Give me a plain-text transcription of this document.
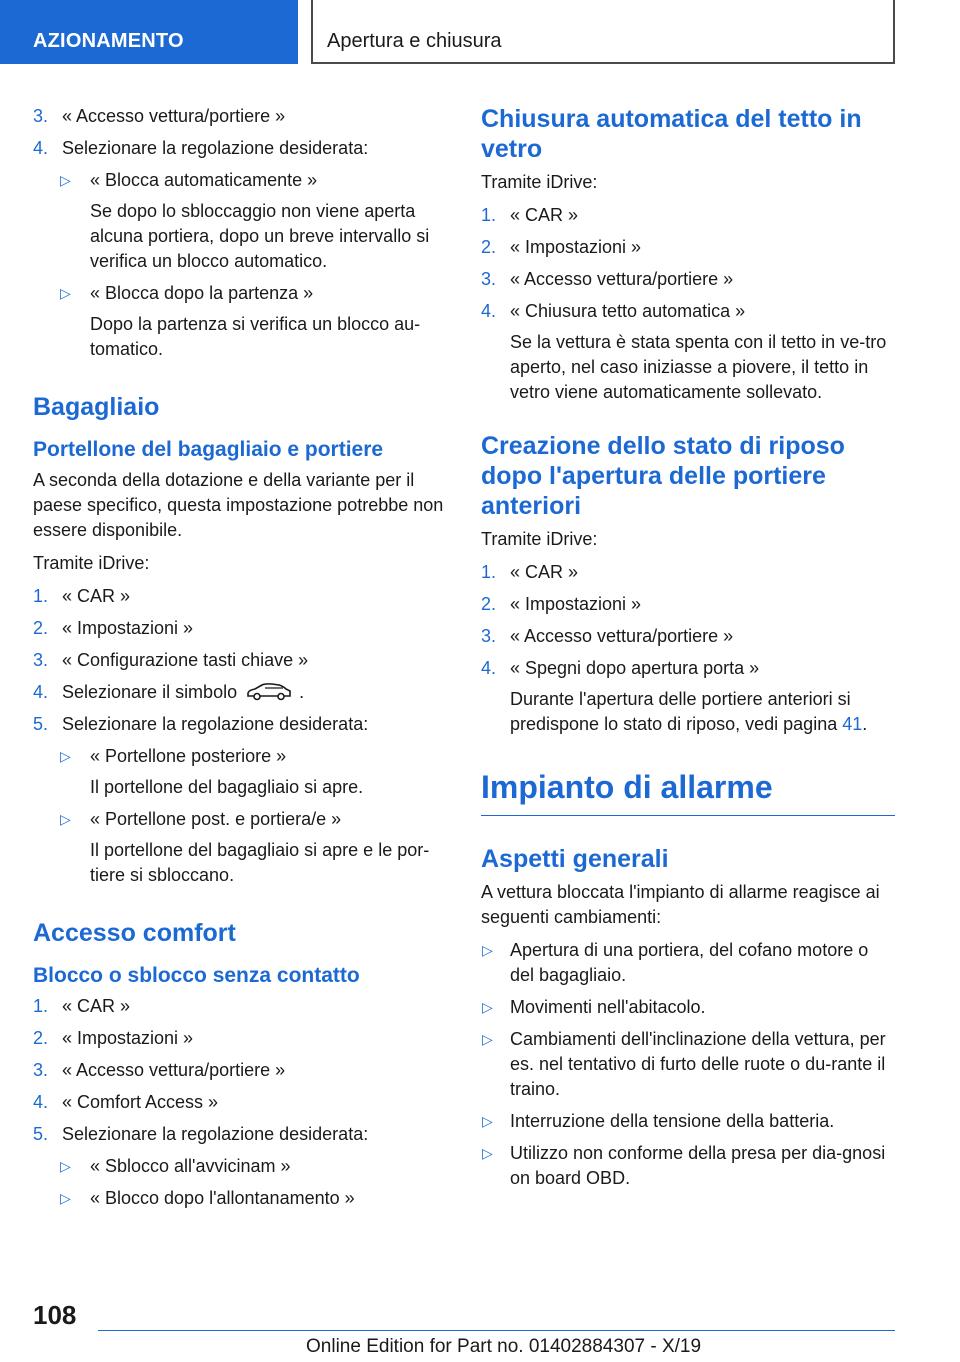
AZIONAMENTO	Apertura e chiusura
3. « Accesso vettura/portiere »
4. Selezionare la regolazione desiderata:
▷ « Blocca automaticamente »
Se dopo lo sbloccaggio non viene aperta alcuna portiera, dopo un breve intervallo si verifica un blocco automatico.
▷ « Blocca dopo la partenza »
Dopo la partenza si verifica un blocco au-tomatico.
Bagagliaio
Portellone del bagagliaio e portiere
A seconda della dotazione e della variante per il paese specifico, questa impostazione potrebbe non essere disponibile.
Tramite iDrive:
1. « CAR »
2. « Impostazioni »
3. « Configurazione tasti chiave »
4. Selezionare il simbolo	.
5. Selezionare la regolazione desiderata:
▷ « Portellone posteriore »
Il portellone del bagagliaio si apre.
▷ « Portellone post. e portiera/e »
Il portellone del bagagliaio si apre e le por-tiere si sbloccano.
Accesso comfort
Blocco o sblocco senza contatto
1. « CAR »
2. « Impostazioni »
3. « Accesso vettura/portiere »
4. « Comfort Access »
5. Selezionare la regolazione desiderata:
▷ « Sblocco all'avvicinam »
▷ « Blocco dopo l'allontanamento »
Chiusura automatica del tetto in vetro
Tramite iDrive:
1. « CAR »
2. « Impostazioni »
3. « Accesso vettura/portiere »
4. « Chiusura tetto automatica »
Se la vettura è stata spenta con il tetto in ve-tro aperto, nel caso iniziasse a piovere, il tetto in vetro viene automaticamente sollevato.
Creazione dello stato di riposo dopo l'apertura delle portiere anteriori
Tramite iDrive:
1. « CAR »
2. « Impostazioni »
3. « Accesso vettura/portiere »
4. « Spegni dopo apertura porta »
Durante l'apertura delle portiere anteriori si predispone lo stato di riposo, vedi pagina 41.
Impianto di allarme
Aspetti generali
A vettura bloccata l'impianto di allarme reagisce ai seguenti cambiamenti:
▷ Apertura di una portiera, del cofano motore o del bagagliaio.
▷ Movimenti nell'abitacolo.
▷ Cambiamenti dell'inclinazione della vettura, per es. nel tentativo di furto delle ruote o du-rante il traino.
▷ Interruzione della tensione della batteria.
▷ Utilizzo non conforme della presa per dia-gnosi on board OBD.
108
Online Edition for Part no. 01402884307 - X/19
